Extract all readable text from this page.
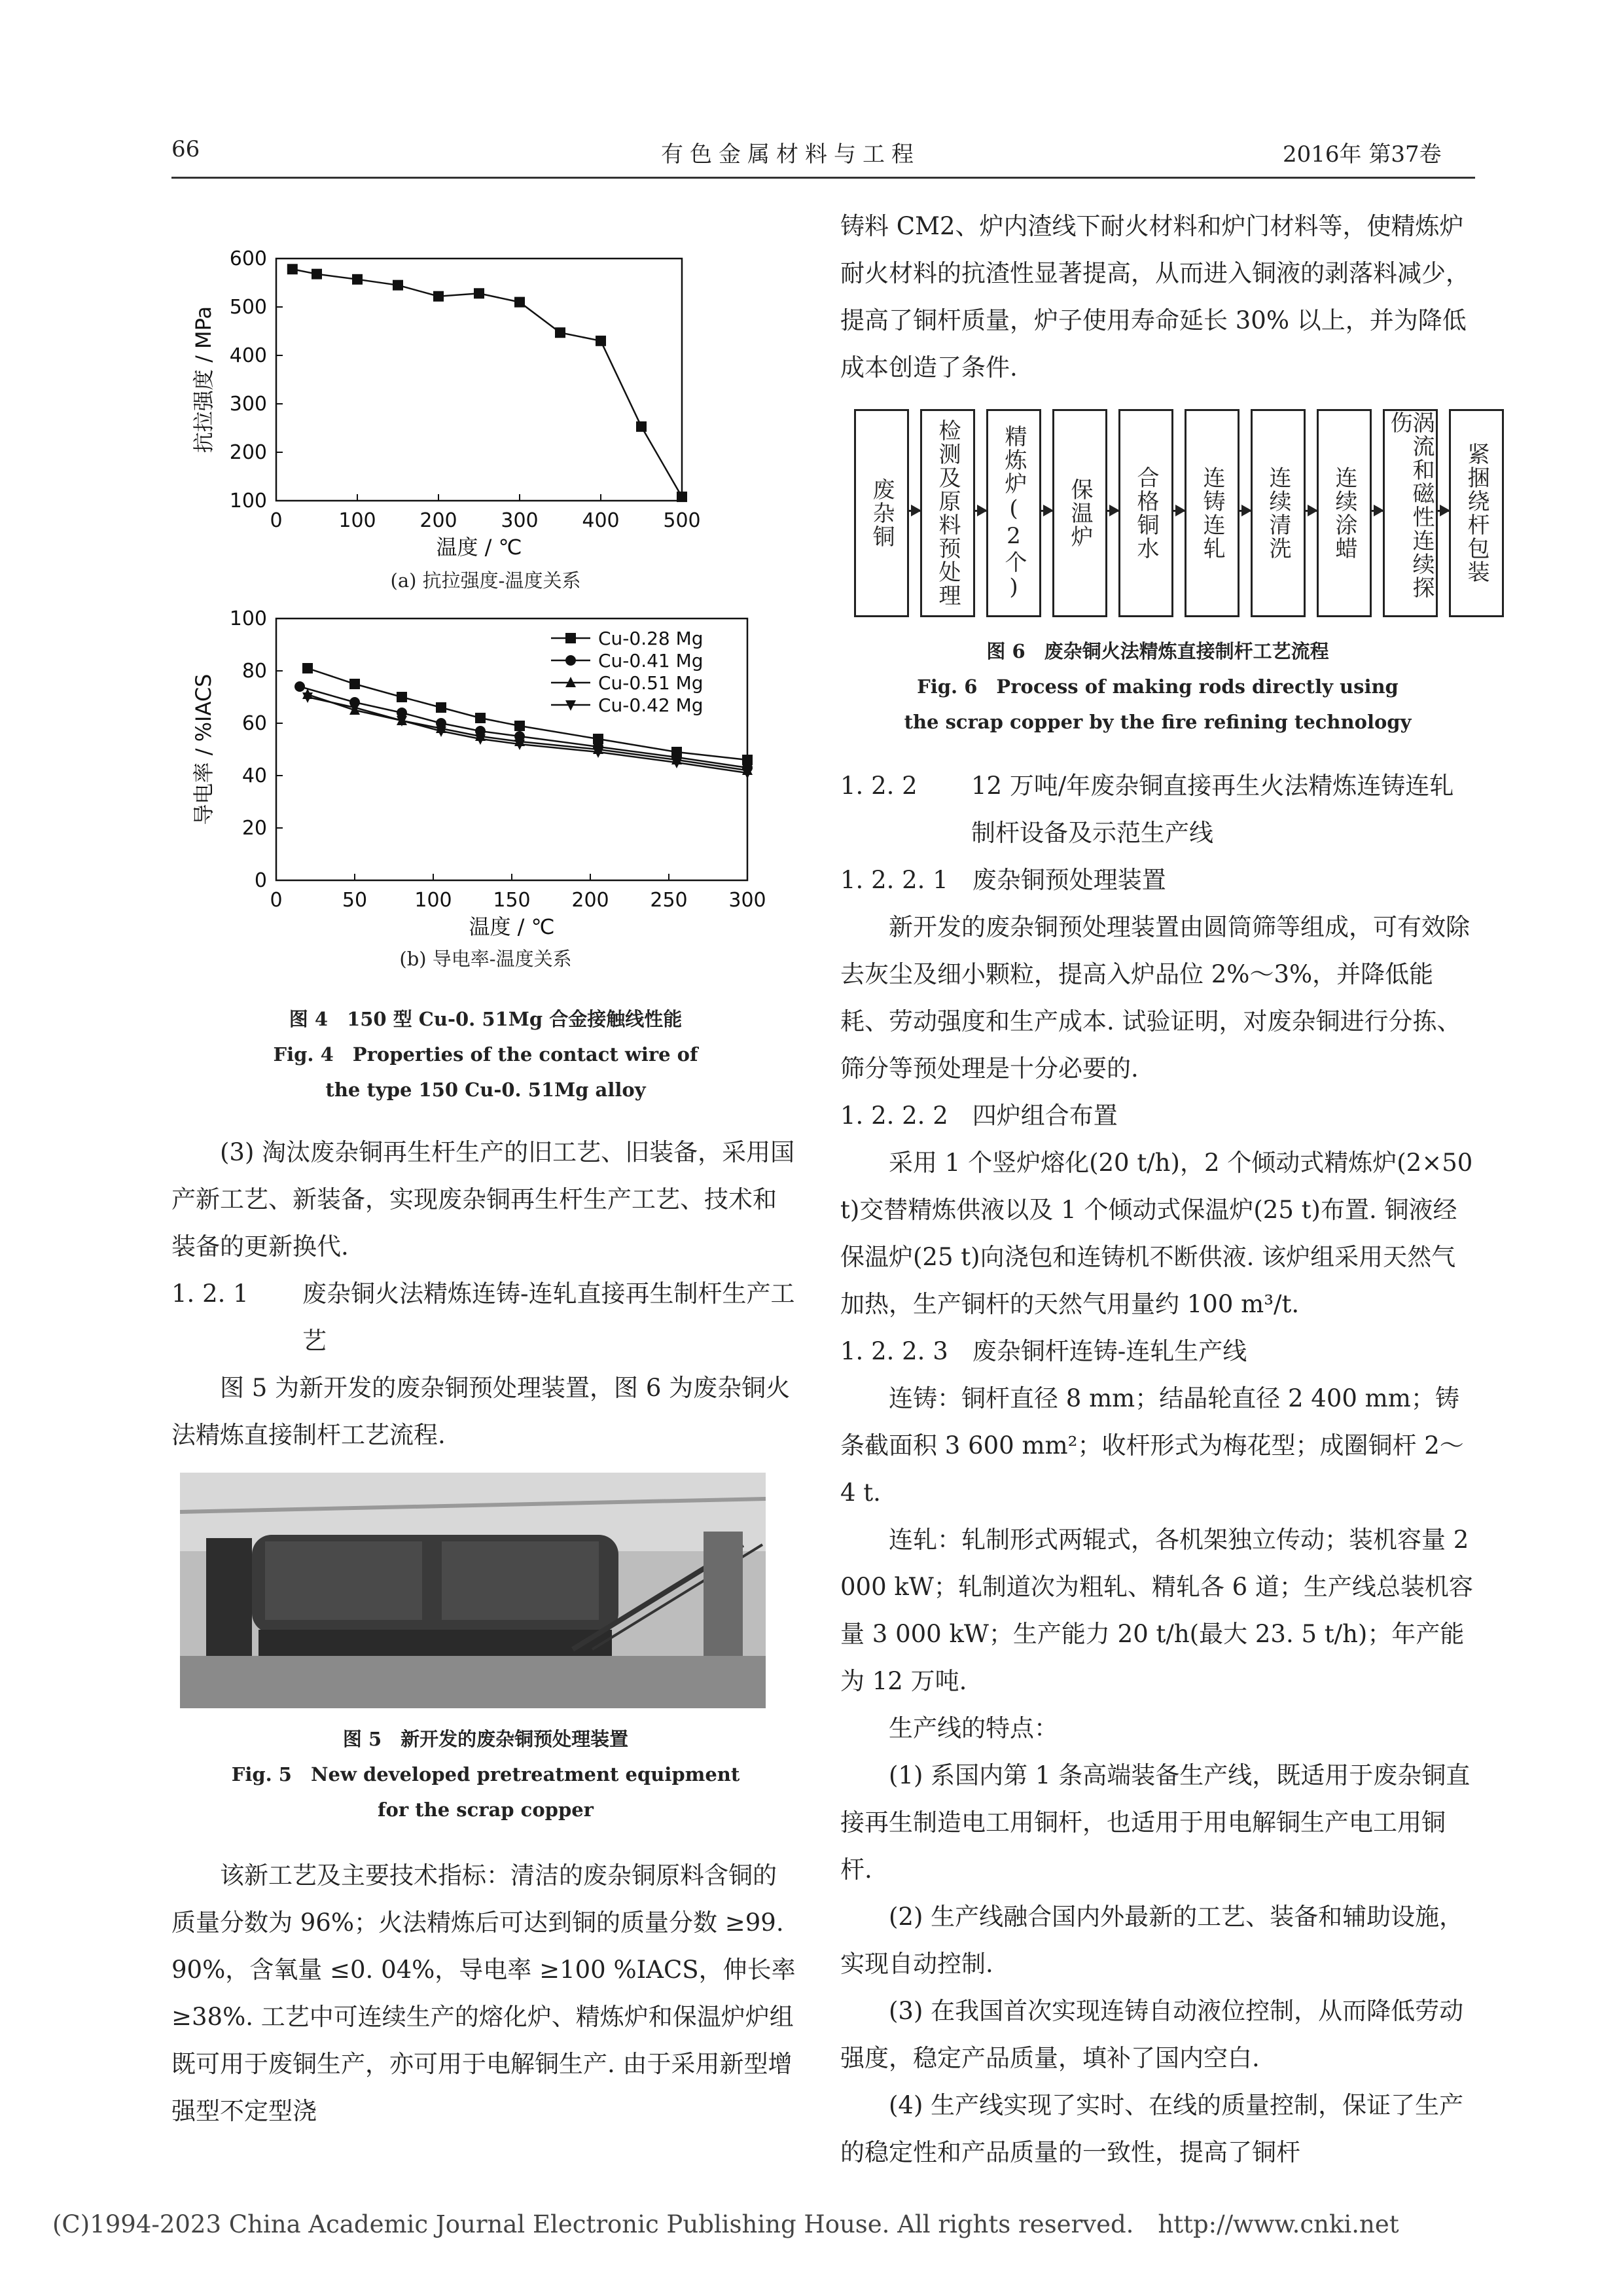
66	有色金属材料与工程	2016年 第37卷
0	100 200 300 400 500
100
200
300
400
500
600
温度 / ℃
抗拉强度 / MPa
(a) 抗拉强度-温度关系
0	50 100 150 200 250 300
0
20
40
60
80
100
温度 / ℃
导电率 / %IACS
Cu-0.28 Mg
Cu-0.41 Mg
Cu-0.51 Mg
Cu-0.42 Mg
(b) 导电率-温度关系
图 4　150 型 Cu-0. 51Mg 合金接触线性能
Fig. 4　Properties of the contact wire of
the type 150 Cu-0. 51Mg alloy

(3) 淘汰废杂铜再生杆生产的旧工艺、旧装备，采用国产新工艺、新装备，实现废杂铜再生杆生产工艺、技术和装备的更新换代.

1. 2. 1 废杂铜火法精炼连铸-连轧直接再生制杆生产工艺

图 5 为新开发的废杂铜预处理装置，图 6 为废杂铜火法精炼直接制杆工艺流程.

图 5　新开发的废杂铜预处理装置
Fig. 5　New developed pretreatment equipment
for the scrap copper

该新工艺及主要技术指标：清洁的废杂铜原料含铜的质量分数为 96%；火法精炼后可达到铜的质量分数 ≥99. 90%，含氧量 ≤0. 04%，导电率 ≥100 %IACS，伸长率 ≥38%. 工艺中可连续生产的熔化炉、精炼炉和保温炉炉组既可用于废铜生产，亦可用于电解铜生产. 由于采用新型增强型不定型浇

铸料 CM2、炉内渣线下耐火材料和炉门材料等，使精炼炉耐火材料的抗渣性显著提高，从而进入铜液的剥落料减少，提高了铜杆质量，炉子使用寿命延长 30% 以上，并为降低成本创造了条件.

废杂铜 检测及原料预处理 精炼炉(2个) 保温炉 合格铜水 连铸连轧 连续清洗 连续涂蜡	涡流和磁性连续探伤
紧捆绕杆包装
图 6　废杂铜火法精炼直接制杆工艺流程
Fig. 6　Process of making rods directly using
the scrap copper by the fire refining technology

1. 2. 2 12 万吨/年废杂铜直接再生火法精炼连铸连轧制杆设备及示范生产线

1. 2. 2. 1　废杂铜预处理装置

新开发的废杂铜预处理装置由圆筒筛等组成，可有效除去灰尘及细小颗粒，提高入炉品位 2%～3%，并降低能耗、劳动强度和生产成本. 试验证明，对废杂铜进行分拣、筛分等预处理是十分必要的.

1. 2. 2. 2　四炉组合布置

采用 1 个竖炉熔化(20 t/h)，2 个倾动式精炼炉(2×50 t)交替精炼供液以及 1 个倾动式保温炉(25 t)布置. 铜液经保温炉(25 t)向浇包和连铸机不断供液. 该炉组采用天然气加热，生产铜杆的天然气用量约 100 m³/t.

1. 2. 2. 3　废杂铜杆连铸-连轧生产线

连铸：铜杆直径 8 mm；结晶轮直径 2 400 mm；铸条截面积 3 600 mm²；收杆形式为梅花型；成圈铜杆 2～4 t.

连轧：轧制形式两辊式，各机架独立传动；装机容量 2 000 kW；轧制道次为粗轧、精轧各 6 道；生产线总装机容量 3 000 kW；生产能力 20 t/h(最大 23. 5 t/h)；年产能为 12 万吨.

生产线的特点：

(1) 系国内第 1 条高端装备生产线，既适用于废杂铜直接再生制造电工用铜杆，也适用于用电解铜生产电工用铜杆.

(2) 生产线融合国内外最新的工艺、装备和辅助设施，实现自动控制.

(3) 在我国首次实现连铸自动液位控制，从而降低劳动强度，稳定产品质量，填补了国内空白.

(4) 生产线实现了实时、在线的质量控制，保证了生产的稳定性和产品质量的一致性，提高了铜杆

(C)1994-2023 China Academic Journal Electronic Publishing House. All rights reserved.　http://www.cnki.net
